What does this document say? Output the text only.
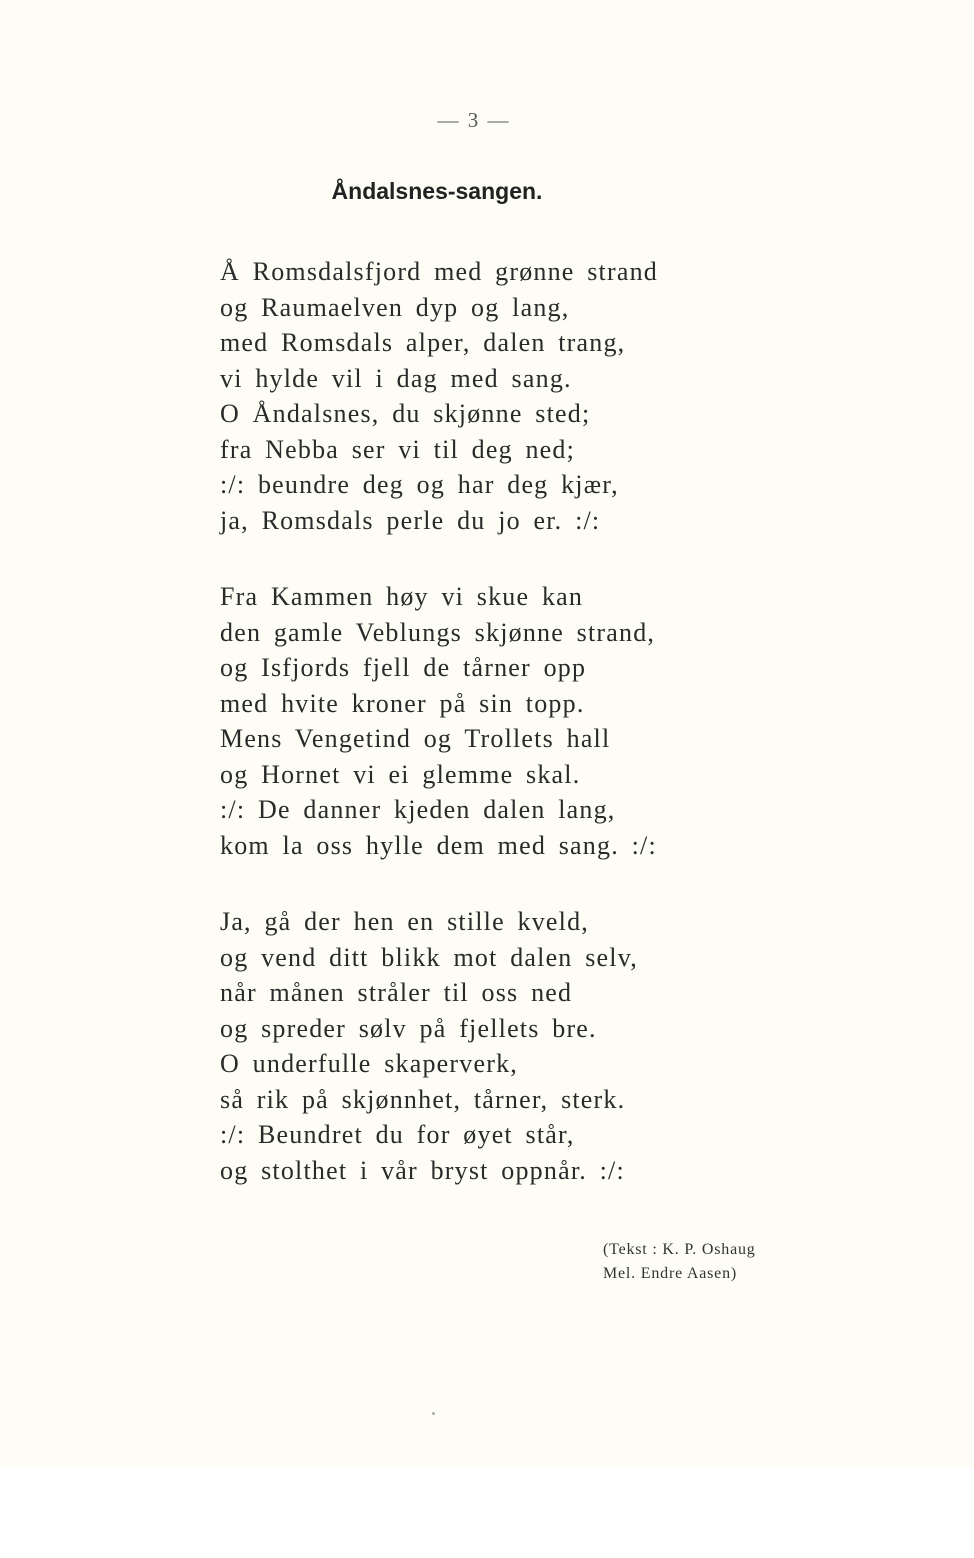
— 3 —
Åndalsnes-sangen.
Å Romsdalsfjord med grønne strand
og Raumaelven dyp og lang,
med Romsdals alper, dalen trang,
vi hylde vil i dag med sang.
O Åndalsnes, du skjønne sted;
fra Nebba ser vi til deg ned;
:/: beundre deg og har deg kjær,
ja, Romsdals perle du jo er. :/:
Fra Kammen høy vi skue kan
den gamle Veblungs skjønne strand,
og Isfjords fjell de tårner opp
med hvite kroner på sin topp.
Mens Vengetind og Trollets hall
og Hornet vi ei glemme skal.
:/: De danner kjeden dalen lang,
kom la oss hylle dem med sang. :/:
Ja, gå der hen en stille kveld,
og vend ditt blikk mot dalen selv,
når månen stråler til oss ned
og spreder sølv på fjellets bre.
O underfulle skaperverk,
så rik på skjønnhet, tårner, sterk.
:/: Beundret du for øyet står,
og stolthet i vår bryst oppnår. :/:
(Tekst : K. P. Oshaug
Mel. Endre Aasen)
